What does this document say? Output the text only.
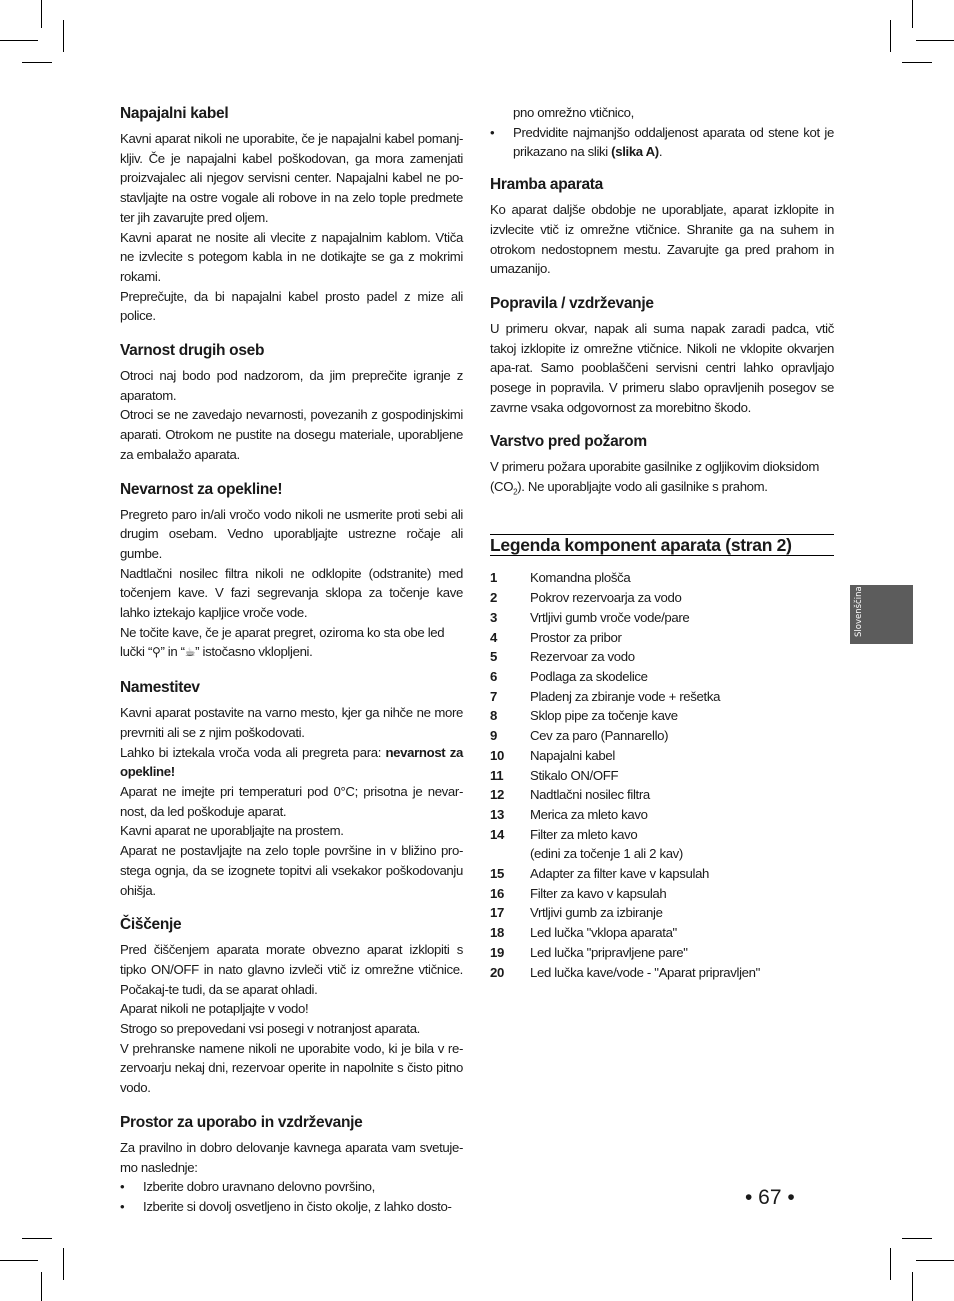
Napajalni kabel

Kavni aparat nikoli ne uporabite, če je napajalni kabel pomanj-kljiv. Če je napajalni kabel poškodovan, ga mora zamenjati proizvajalec ali njegov servisni center. Napajalni kabel ne po-stavljajte na ostre vogale ali robove in na zelo tople predmete ter jih zavarujte pred oljem.

Kavni aparat ne nosite ali vlecite z napajalnim kablom. Vtiča ne izvlecite s potegom kabla in ne dotikajte se ga z mokrimi rokami.

Preprečujte, da bi napajalni kabel prosto padel z mize ali police.

Varnost drugih oseb

Otroci naj bodo pod nadzorom, da jim preprečite igranje z aparatom.

Otroci se ne zavedajo nevarnosti, povezanih z gospodinjskimi aparati. Otrokom ne pustite na dosegu materiale, uporabljene za embalažo aparata.

Nevarnost za opekline!

Pregreto paro in/ali vročo vodo nikoli ne usmerite proti sebi ali drugim osebam. Vedno uporabljajte ustrezne ročaje ali gumbe.

Nadtlačni nosilec filtra nikoli ne odklopite (odstranite) med točenjem kave. V fazi segrevanja sklopa za točenje kave lahko iztekajo kapljice vroče vode.

Ne točite kave, če je aparat pregret, oziroma ko sta obe led lučki “⚲” in “☕” istočasno vklopljeni.

Namestitev

Kavni aparat postavite na varno mesto, kjer ga nihče ne more prevrniti ali se z njim poškodovati.

Lahko bi iztekala vroča voda ali pregreta para: nevarnost za opekline!

Aparat ne imejte pri temperaturi pod 0°C; prisotna je nevar-nost, da led poškoduje aparat.

Kavni aparat ne uporabljajte na prostem.

Aparat ne postavljajte na zelo tople površine in v bližino pro-stega ognja, da se izognete topitvi ali vsekakor poškodovanju ohišja.

Čiščenje

Pred čiščenjem aparata morate obvezno aparat izklopiti s tipko ON/OFF in nato glavno izvleči vtič iz omrežne vtičnice. Počakaj-te tudi, da se aparat ohladi.

Aparat nikoli ne potapljajte v vodo!

Strogo so prepovedani vsi posegi v notranjost aparata.

V prehranske namene nikoli ne uporabite vodo, ki je bila v re-zervoarju nekaj dni, rezervoar operite in napolnite s čisto pitno vodo.

Prostor za uporabo in vzdrževanje

Za pravilno in dobro delovanje kavnega aparata vam svetuje-mo naslednje:

• Izberite dobro uravnano delovno površino,
• Izberite si dovolj osvetljeno in čisto okolje, z lahko dosto-

pno omrežno vtičnico,

• Predvidite najmanjšo oddaljenost aparata od stene kot je prikazano na sliki (slika A).
Hramba aparata

Ko aparat daljše obdobje ne uporabljate, aparat izklopite in izvlecite vtič iz omrežne vtičnice. Shranite ga na suhem in otrokom nedostopnem mestu. Zavarujte ga pred prahom in umazanijo.

Popravila / vzdrževanje

U primeru okvar, napak ali suma napak zaradi padca, vtič takoj izklopite iz omrežne vtičnice. Nikoli ne vklopite okvarjen apa-rat. Samo pooblaščeni servisni centri lahko opravljajo posege in popravila. V primeru slabo opravljenih posegov se zavrne vsaka odgovornost za morebitno škodo.

Varstvo pred požarom

V primeru požara uporabite gasilnike z ogljikovim dioksidom $(CO_2)$. Ne uporabljajte vodo ali gasilnike s prahom.

Legenda komponent aparata (stran 2)
1	Komandna plošča
2	Pokrov rezervoarja za vodo
3	Vrtljivi gumb vroče vode/pare
4	Prostor za pribor
5	Rezervoar za vodo
6	Podlaga za skodelice
7	Pladenj za zbiranje vode + rešetka
8	Sklop pipe za točenje kave
9	Cev za paro (Pannarello)
10	Napajalni kabel
11	Stikalo ON/OFF
12	Nadtlačni nosilec filtra
13	Merica za mleto kavo
14	Filter za mleto kavo
(edini za točenje 1 ali 2 kav)
15	Adapter za filter kave v kapsulah
16	Filter za kavo v kapsulah
17	Vrtljivi gumb za izbiranje
18	Led lučka "vklopa aparata"
19	Led lučka "pripravljene pare"
20	Led lučka kave/vode - "Aparat pripravljen"
Slovenščina
• 67 •
